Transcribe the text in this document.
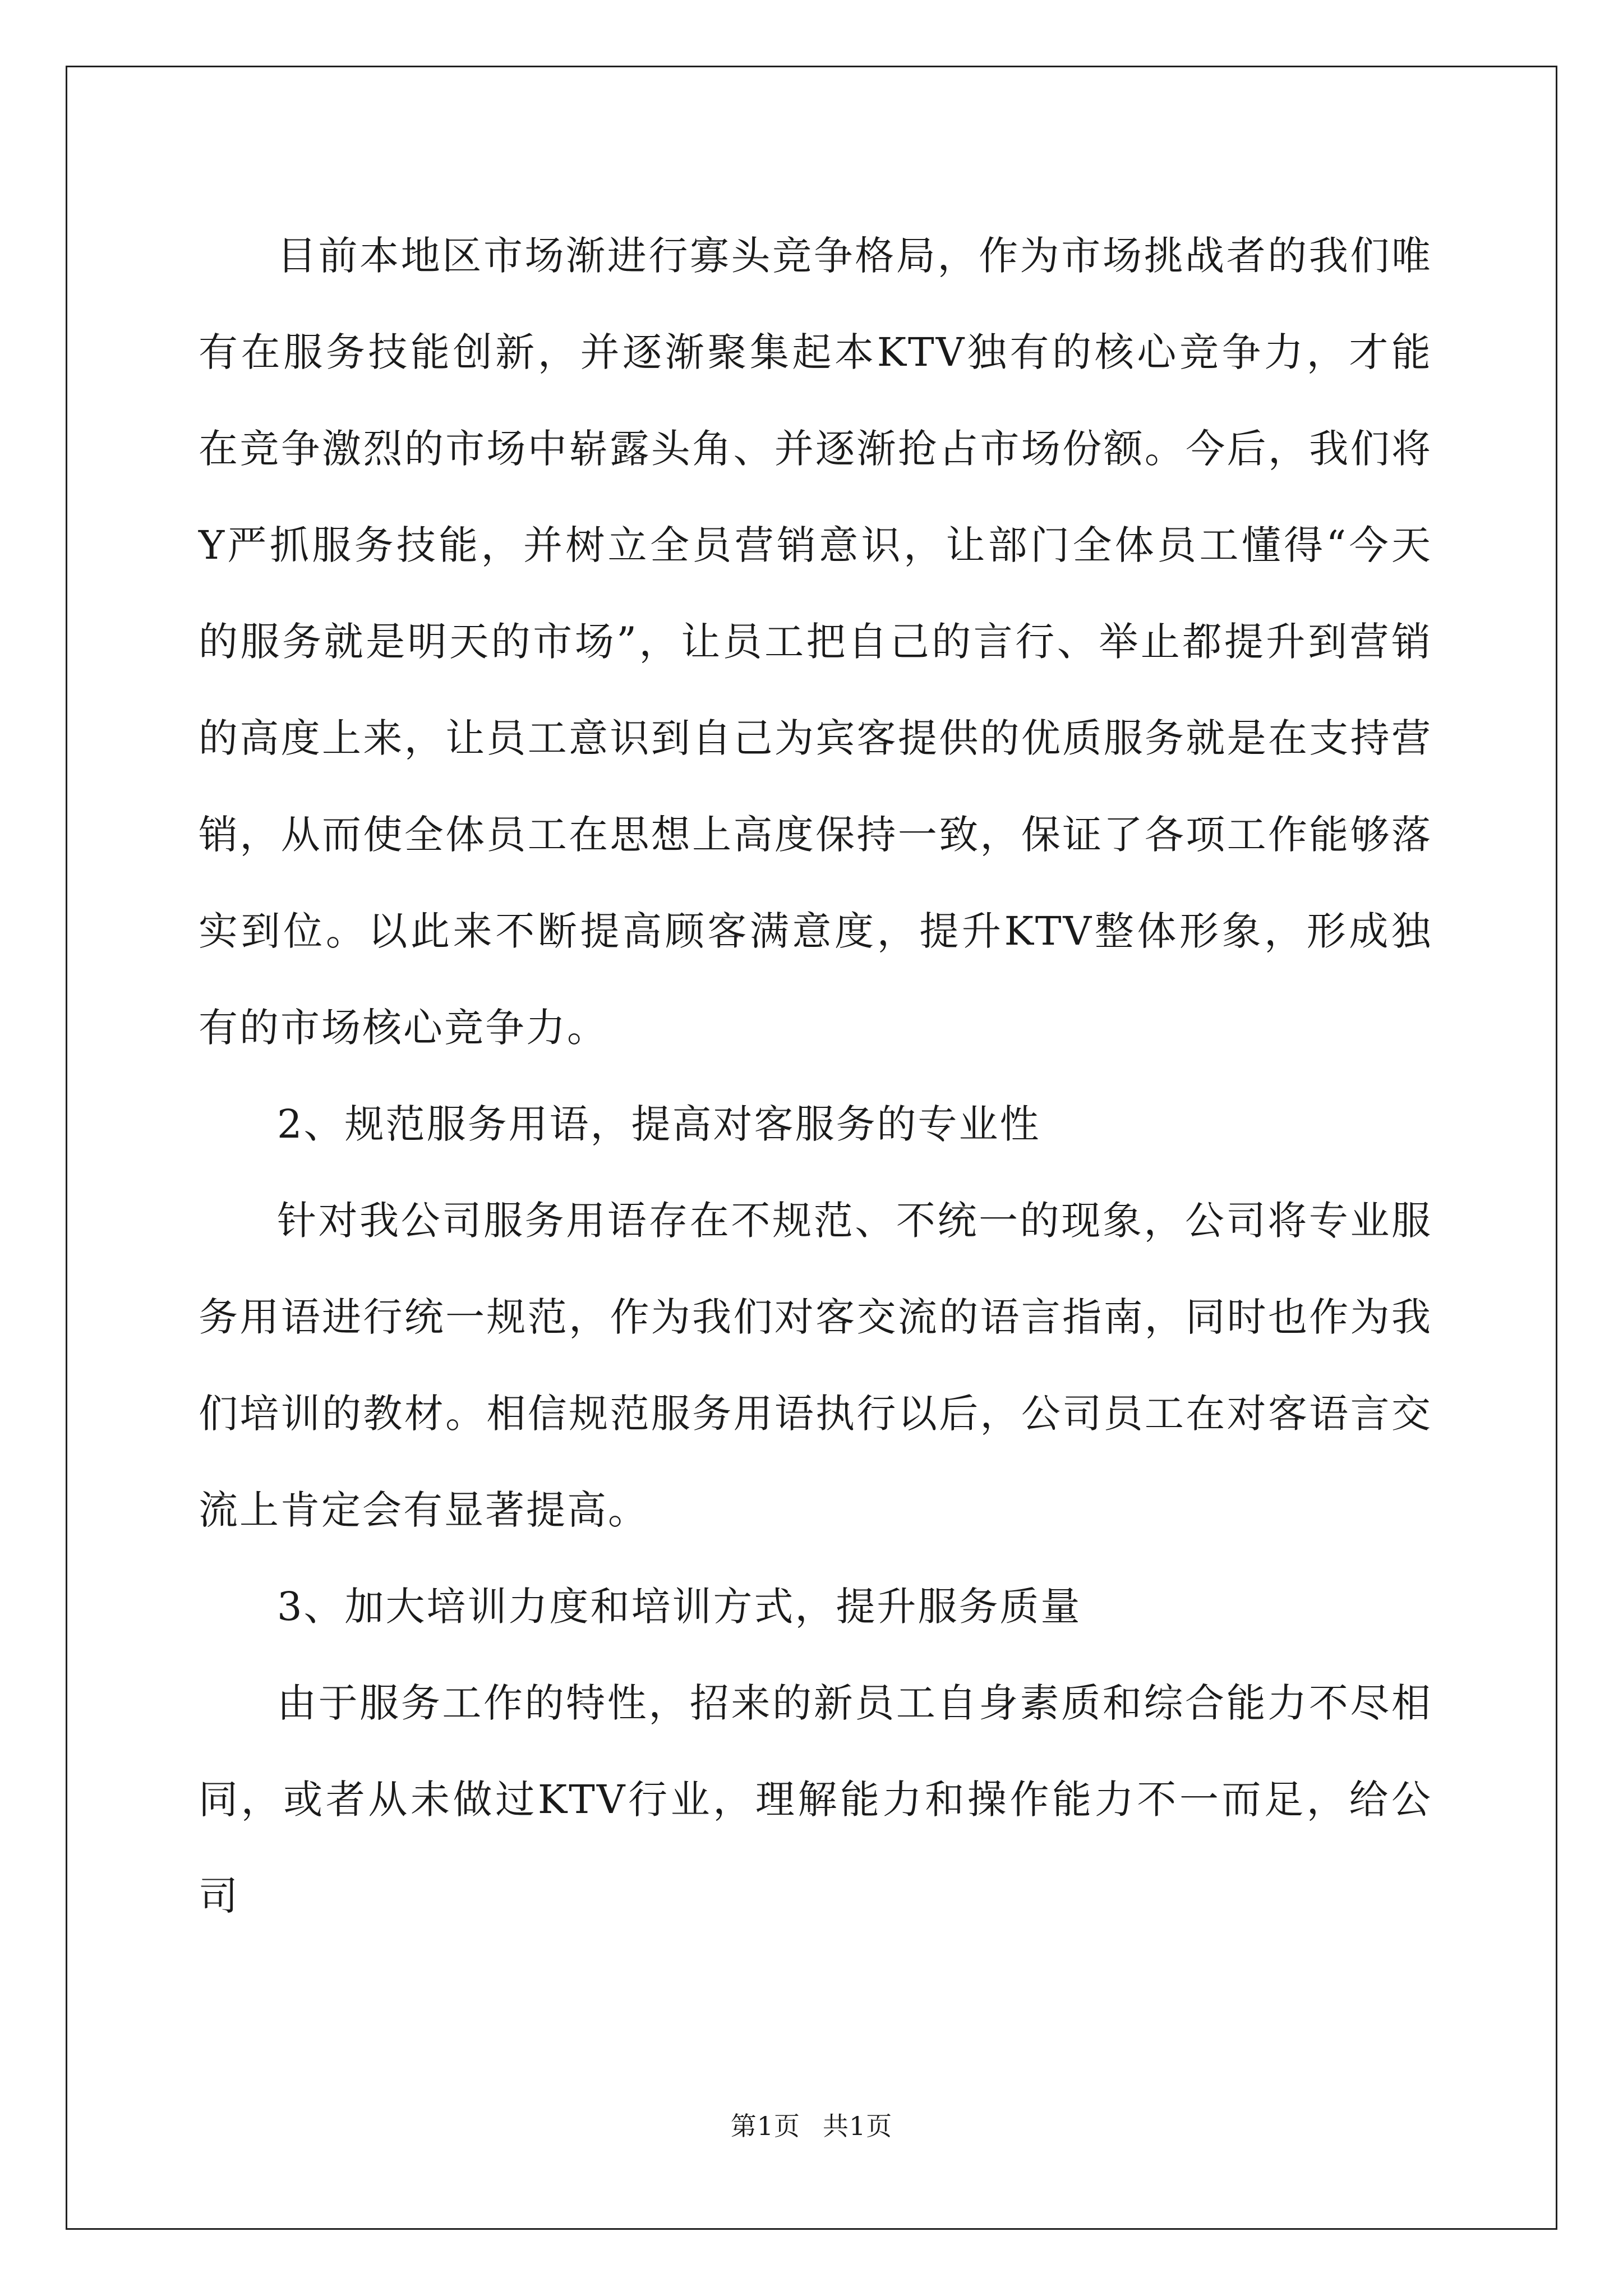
目前本地区市场渐进行寡头竞争格局，作为市场挑战者的我们唯有在服务技能创新，并逐渐聚集起本KTV独有的核心竞争力，才能在竞争激烈的市场中崭露头角、并逐渐抢占市场份额。今后，我们将Y严抓服务技能，并树立全员营销意识，让部门全体员工懂得“今天的服务就是明天的市场”，让员工把自己的言行、举止都提升到营销的高度上来，让员工意识到自己为宾客提供的优质服务就是在支持营销，从而使全体员工在思想上高度保持一致，保证了各项工作能够落实到位。以此来不断提高顾客满意度，提升KTV整体形象，形成独有的市场核心竞争力。

2、规范服务用语，提高对客服务的专业性

针对我公司服务用语存在不规范、不统一的现象，公司将专业服务用语进行统一规范，作为我们对客交流的语言指南，同时也作为我们培训的教材。相信规范服务用语执行以后，公司员工在对客语言交流上肯定会有显著提高。

3、加大培训力度和培训方式，提升服务质量

由于服务工作的特性，招来的新员工自身素质和综合能力不尽相同，或者从未做过KTV行业，理解能力和操作能力不一而足，给公司

第1页 共1页
